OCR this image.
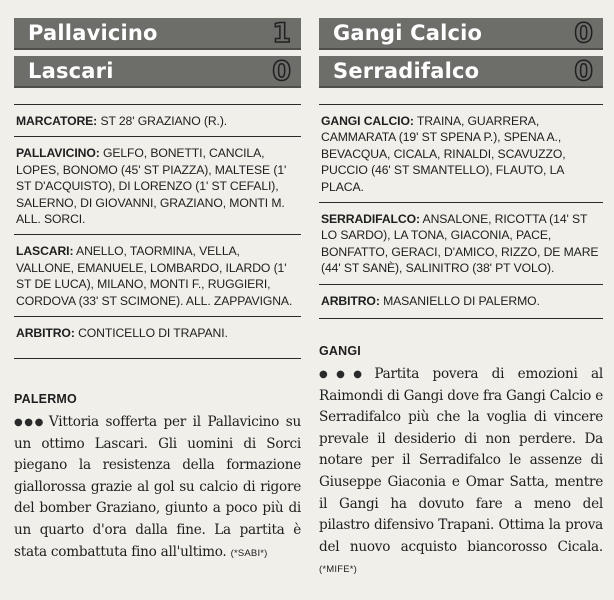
Pallavicino	1
Lascari	0
MARCATORE: ST 28' GRAZIANO (R.).
PALLAVICINO: GELFO, BONETTI, CANCILA, LOPES, BONOMO (45' ST PIAZZA), MALTESE (1' ST D'ACQUISTO), DI LORENZO (1' ST CEFALI), SALERNO, DI GIOVANNI, GRAZIANO, MONTI M. ALL. SORCI.
LASCARI: ANELLO, TAORMINA, VELLA, VALLONE, EMANUELE, LOMBARDO, ILARDO (1' ST DE LUCA), MILANO, MONTI F., RUGGIERI, CORDOVA (33' ST SCIMONE). ALL. ZAPPAVIGNA.
ARBITRO: CONTICELLO DI TRAPANI.
Gangi Calcio	0
Serradifalco	0
GANGI CALCIO: TRAINA, GUARRERA, CAMMARATA (19' ST SPENA P.), SPENA A., BEVACQUA, CICALA, RINALDI, SCAVUZZO, PUCCIO (46' ST SMANTELLO), FLAUTO, LA PLACA.
SERRADIFALCO: ANSALONE, RICOTTA (14' ST LO SARDO), LA TONA, GIACONIA, PACE, BONFATTO, GERACI, D'AMICO, RIZZO, DE MARE (44' ST SANÈ), SALINITRO (38' PT VOLO).
ARBITRO: MASANIELLO DI PALERMO.
PALERMO
●●● Vittoria sofferta per il Pallavicino su un ottimo Lascari. Gli uomini di Sorci piegano la resistenza della formazione giallorossa grazie al gol su calcio di rigore del bomber Graziano, giunto a poco più di un quarto d'ora dalla fine. La partita è stata combattuta fino all'ultimo. (*SABI*)
GANGI
●●● Partita povera di emozioni al Raimondi di Gangi dove fra Gangi Calcio e Serradifalco più che la voglia di vincere prevale il desiderio di non perdere. Da notare per il Serradifalco le assenze di Giuseppe Giaconia e Omar Satta, mentre il Gangi ha dovuto fare a meno del pilastro difensivo Trapani. Ottima la prova del nuovo acquisto biancorosso Cicala. (*MIFE*)
